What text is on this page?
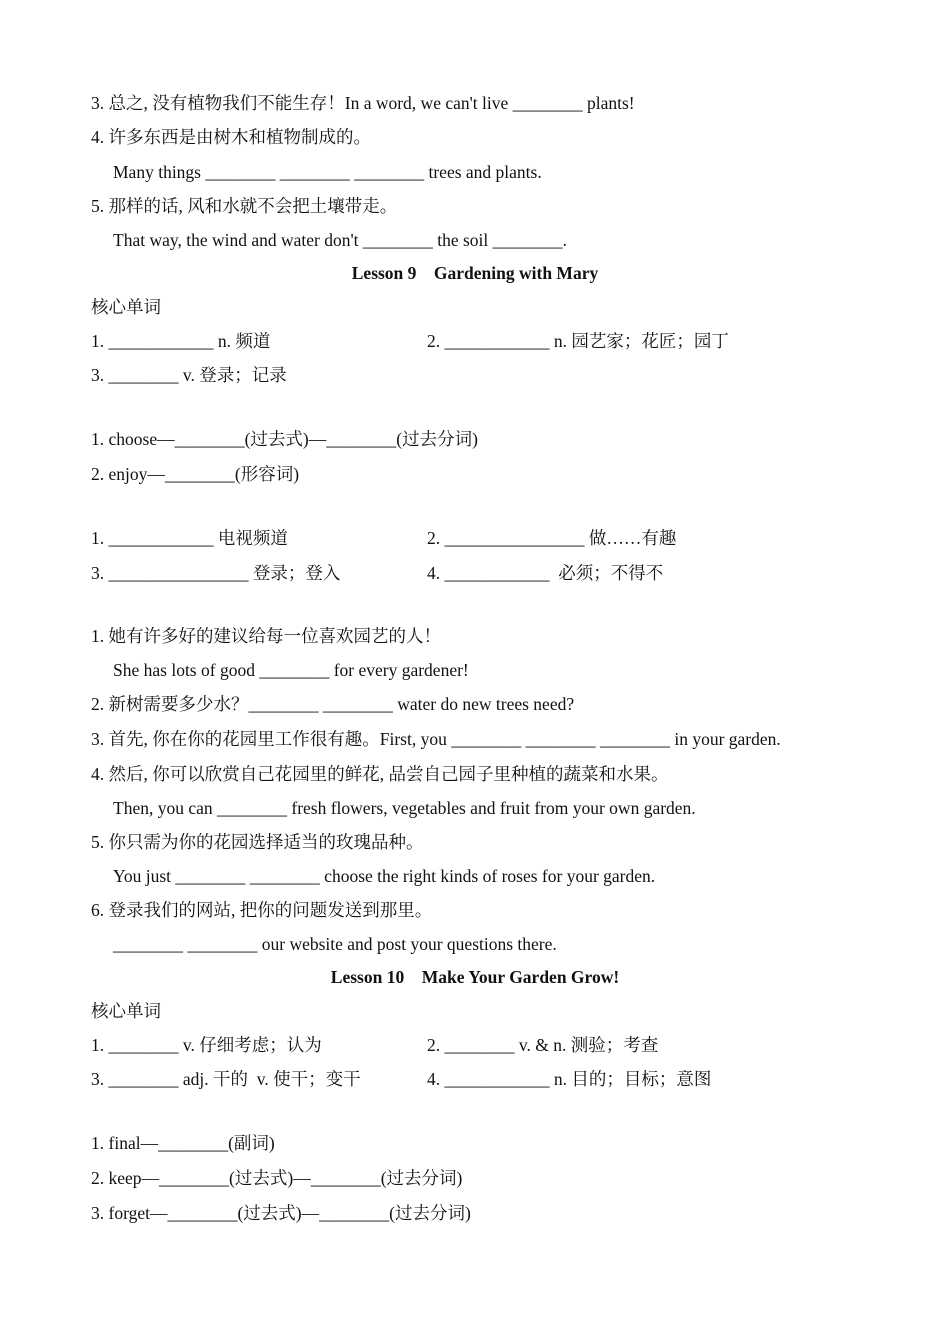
3. 总之, 没有植物我们不能生存！In a word, we can't live ________ plants!
4. 许多东西是由树木和植物制成的。
Many things ________ ________ ________ trees and plants.
5. 那样的话, 风和水就不会把土壤带走。
That way, the wind and water don't ________ the soil ________.
Lesson 9    Gardening with Mary
核心单词
1. ____________ n. 频道	2. ____________ n. 园艺家；花匠；园丁
3. ________ v. 登录；记录
1. choose—________(过去式)—________(过去分词)
2. enjoy—________(形容词)
1. ____________ 电视频道	2. ________________ 做……有趣
3. ________________ 登录；登入	4. ____________  必须；不得不
1. 她有许多好的建议给每一位喜欢园艺的人！
She has lots of good ________ for every gardener!
2. 新树需要多少水？________ ________ water do new trees need?
3. 首先, 你在你的花园里工作很有趣。First, you ________ ________ ________ in your garden.
4. 然后, 你可以欣赏自己花园里的鲜花, 品尝自己园子里种植的蔬菜和水果。
Then, you can ________ fresh flowers, vegetables and fruit from your own garden.
5. 你只需为你的花园选择适当的玫瑰品种。
You just ________ ________ choose the right kinds of roses for your garden.
6. 登录我们的网站, 把你的问题发送到那里。
________ ________ our website and post your questions there.
Lesson 10    Make Your Garden Grow!
核心单词
1. ________ v. 仔细考虑；认为	2. ________ v. & n. 测验；考查
3. ________ adj. 干的  v. 使干；变干	4. ____________ n. 目的；目标；意图
1. final—________(副词)
2. keep—________(过去式)—________(过去分词)
3. forget—________(过去式)—________(过去分词)
